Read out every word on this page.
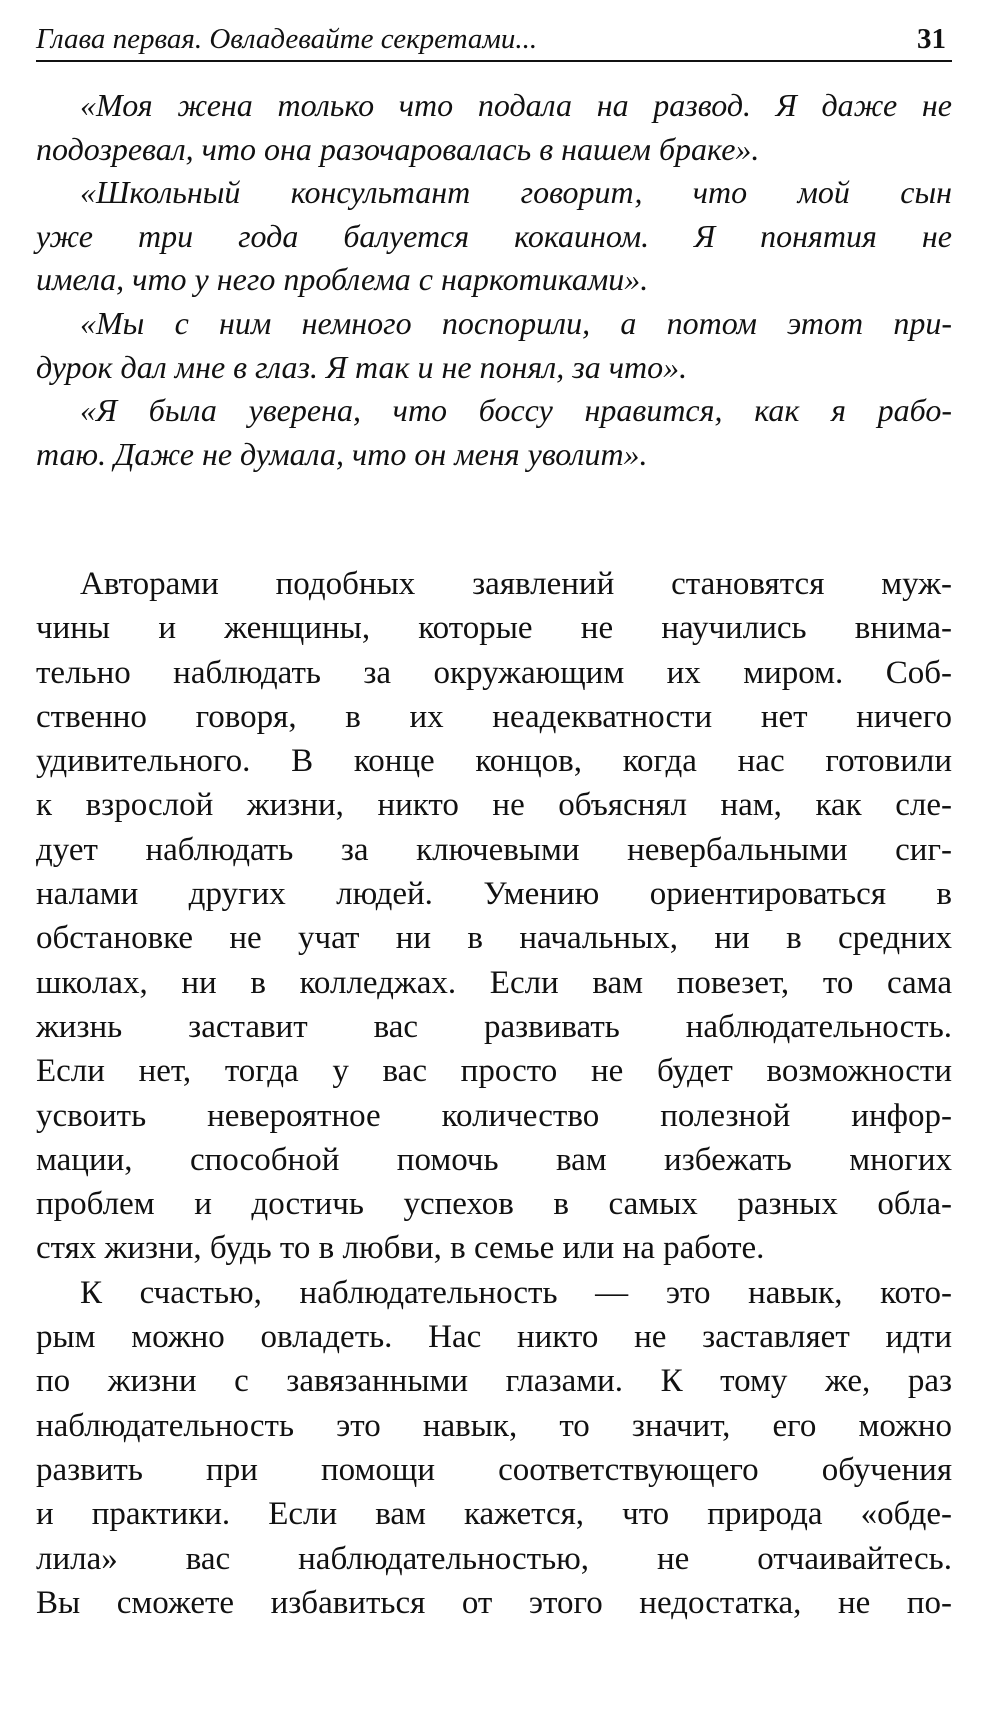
Глава первая. Овладевайте секретами...	31
«Моя жена только что подала на развод. Я даже не
подозревал, что она разочаровалась в нашем браке».
«Школьный консультант говорит, что мой сын
уже три года балуется кокаином. Я понятия не
имела, что у него проблема с наркотиками».
«Мы с ним немного поспорили, а потом этот при-
дурок дал мне в глаз. Я так и не понял, за что».
«Я была уверена, что боссу нравится, как я рабо-
таю. Даже не думала, что он меня уволит».
Авторами подобных заявлений становятся муж-
чины и женщины, которые не научились внима-
тельно наблюдать за окружающим их миром. Соб-
ственно говоря, в их неадекватности нет ничего
удивительного. В конце концов, когда нас готовили
к взрослой жизни, никто не объяснял нам, как сле-
дует наблюдать за ключевыми невербальными сиг-
налами других людей. Умению ориентироваться в
обстановке не учат ни в начальных, ни в средних
школах, ни в колледжах. Если вам повезет, то сама
жизнь заставит вас развивать наблюдательность.
Если нет, тогда у вас просто не будет возможности
усвоить невероятное количество полезной инфор-
мации, способной помочь вам избежать многих
проблем и достичь успехов в самых разных обла-
стях жизни, будь то в любви, в семье или на работе.
К счастью, наблюдательность — это навык, кото-
рым можно овладеть. Нас никто не заставляет идти
по жизни с завязанными глазами. К тому же, раз
наблюдательность это навык, то значит, его можно
развить при помощи соответствующего обучения
и практики. Если вам кажется, что природа «обде-
лила» вас наблюдательностью, не отчаивайтесь.
Вы сможете избавиться от этого недостатка, не по-
